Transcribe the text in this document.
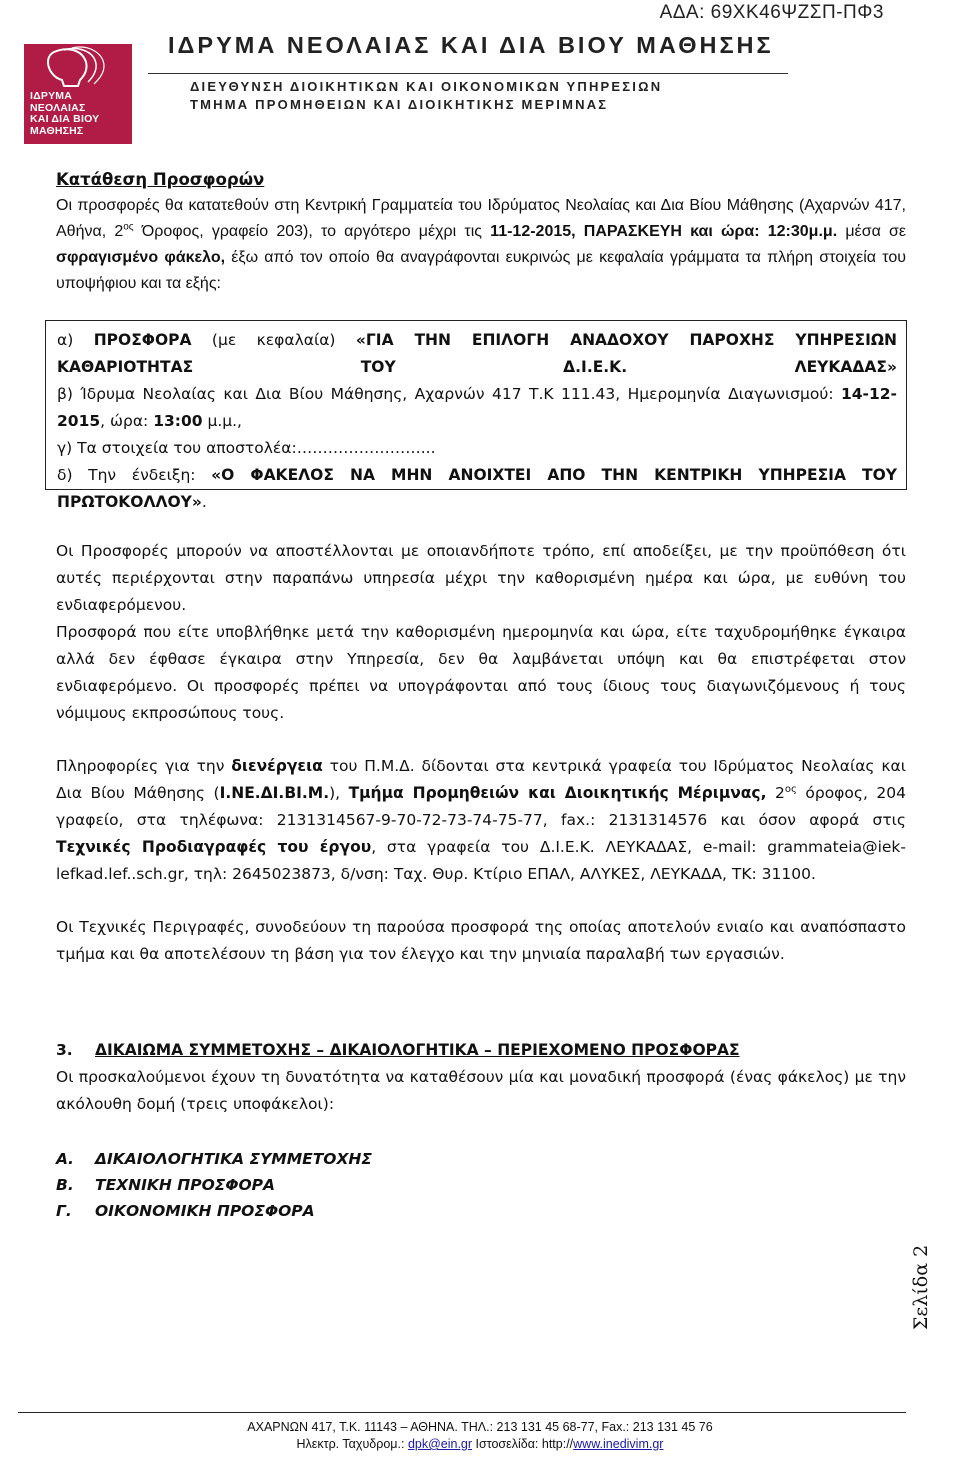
ΑΔΑ: 69ΧΚ46ΨΖΣΠ-ΠΦ3
ΙΔΡΥΜΑ
ΝΕΟΛΑΙΑΣ
ΚΑΙ ΔΙΑ ΒΙΟΥ
ΜΑΘΗΣΗΣ
ΙΔΡΥΜΑ ΝΕΟΛΑΙΑΣ ΚΑΙ ΔΙΑ ΒΙΟΥ ΜΑΘΗΣΗΣ
ΔΙΕΥΘΥΝΣΗ ΔΙΟΙΚΗΤΙΚΩΝ ΚΑΙ ΟΙΚΟΝΟΜΙΚΩΝ ΥΠΗΡΕΣΙΩΝ
ΤΜΗΜΑ ΠΡΟΜΗΘΕΙΩΝ ΚΑΙ ΔΙΟΙΚΗΤΙΚΗΣ ΜΕΡΙΜΝΑΣ
Κατάθεση Προσφορών

Οι προσφορές θα κατατεθούν στη Κεντρική Γραμματεία του Ιδρύματος Νεολαίας και Δια Βίου Μάθησης (Αχαρνών 417, Αθήνα, $2^{o\varsigma}$ Όροφος, γραφείο 203), το αργότερο μέχρι τις 11-12-2015, ΠΑΡΑΣΚΕΥΗ και ώρα: 12:30μ.μ. μέσα σε σφραγισμένο φάκελο, έξω από τον οποίο θα αναγράφονται ευκρινώς με κεφαλαία γράμματα τα πλήρη στοιχεία του υποψήφιου και τα εξής:

α) ΠΡΟΣΦΟΡΑ (με κεφαλαία) «ΓΙΑ ΤΗΝ ΕΠΙΛΟΓΗ ΑΝΑΔΟΧΟΥ ΠΑΡΟΧΗΣ ΥΠΗΡΕΣΙΩΝ ΚΑΘΑΡΙΟΤΗΤΑΣ ΤΟΥ Δ.Ι.Ε.Κ. ΛΕΥΚΑΔΑΣ»

β) Ίδρυμα Νεολαίας και Δια Βίου Μάθησης, Αχαρνών 417 Τ.Κ 111.43, Ημερομηνία Διαγωνισμού: 14-12-2015, ώρα: 13:00 μ.μ.,

γ) Τα στοιχεία του αποστολέα:……………………...

δ) Την ένδειξη: «Ο ΦΑΚΕΛΟΣ ΝΑ ΜΗΝ ΑΝΟΙΧΤΕΙ ΑΠΟ ΤΗΝ ΚΕΝΤΡΙΚΗ ΥΠΗΡΕΣΙΑ ΤΟΥ ΠΡΩΤΟΚΟΛΛΟΥ».

Οι Προσφορές μπορούν να αποστέλλονται με οποιανδήποτε τρόπο, επί αποδείξει, με την προϋπόθεση ότι αυτές περιέρχονται στην παραπάνω υπηρεσία μέχρι την καθορισμένη ημέρα και ώρα, με ευθύνη του ενδιαφερόμενου.

Προσφορά που είτε υποβλήθηκε μετά την καθορισμένη ημερομηνία και ώρα, είτε ταχυδρομήθηκε έγκαιρα αλλά δεν έφθασε έγκαιρα στην Υπηρεσία, δεν θα λαμβάνεται υπόψη και θα επιστρέφεται στον ενδιαφερόμενο. Οι προσφορές πρέπει να υπογράφονται από τους ίδιους τους διαγωνιζόμενους ή τους νόμιμους εκπροσώπους τους.

Πληροφορίες για την διενέργεια του Π.Μ.Δ. δίδονται στα κεντρικά γραφεία του Ιδρύματος Νεολαίας και Δια Βίου Μάθησης (Ι.ΝΕ.ΔΙ.ΒΙ.Μ.), Τμήμα Προμηθειών και Διοικητικής Μέριμνας, $2^{o\varsigma}$ όροφος, 204 γραφείο, στα τηλέφωνα: 2131314567-9-70-72-73-74-75-77, fax.: 2131314576 και όσον αφορά στις Τεχνικές Προδιαγραφές του έργου, στα γραφεία του Δ.Ι.Ε.Κ. ΛΕΥΚΑΔΑΣ, e-mail: grammateia@iek-lefkad.lef..sch.gr, τηλ: 2645023873, δ/νση: Ταχ. Θυρ. Κτίριο ΕΠΑΛ, ΑΛΥΚΕΣ, ΛΕΥΚΑΔΑ, ΤΚ: 31100.

Οι Τεχνικές Περιγραφές, συνοδεύουν τη παρούσα προσφορά της οποίας αποτελούν ενιαίο και αναπόσπαστο τμήμα και θα αποτελέσουν τη βάση για τον έλεγχο και την μηνιαία παραλαβή των εργασιών.

3. ΔΙΚΑΙΩΜΑ ΣΥΜΜΕΤΟΧΗΣ – ΔΙΚΑΙΟΛΟΓΗΤΙΚΑ – ΠΕΡΙΕΧΟΜΕΝΟ ΠΡΟΣΦΟΡΑΣ

Οι προσκαλούμενοι έχουν τη δυνατότητα να καταθέσουν μία και μοναδική προσφορά (ένας φάκελος) με την ακόλουθη δομή (τρεις υποφάκελοι):

Α. ΔΙΚΑΙΟΛΟΓΗΤΙΚΑ ΣΥΜΜΕΤΟΧΗΣ
Β. ΤΕΧΝΙΚΗ ΠΡΟΣΦΟΡΑ
Γ. ΟΙΚΟΝΟΜΙΚΗ ΠΡΟΣΦΟΡΑ
Σελίδα 2
ΑΧΑΡΝΩΝ 417, Τ.Κ. 11143 – ΑΘΗΝΑ. ΤΗΛ.: 213 131 45 68-77, Fax.: 213 131 45 76
Ηλεκτρ. Ταχυδρομ.: dpk@ein.gr Ιστοσελίδα: http://www.inedivim.gr
